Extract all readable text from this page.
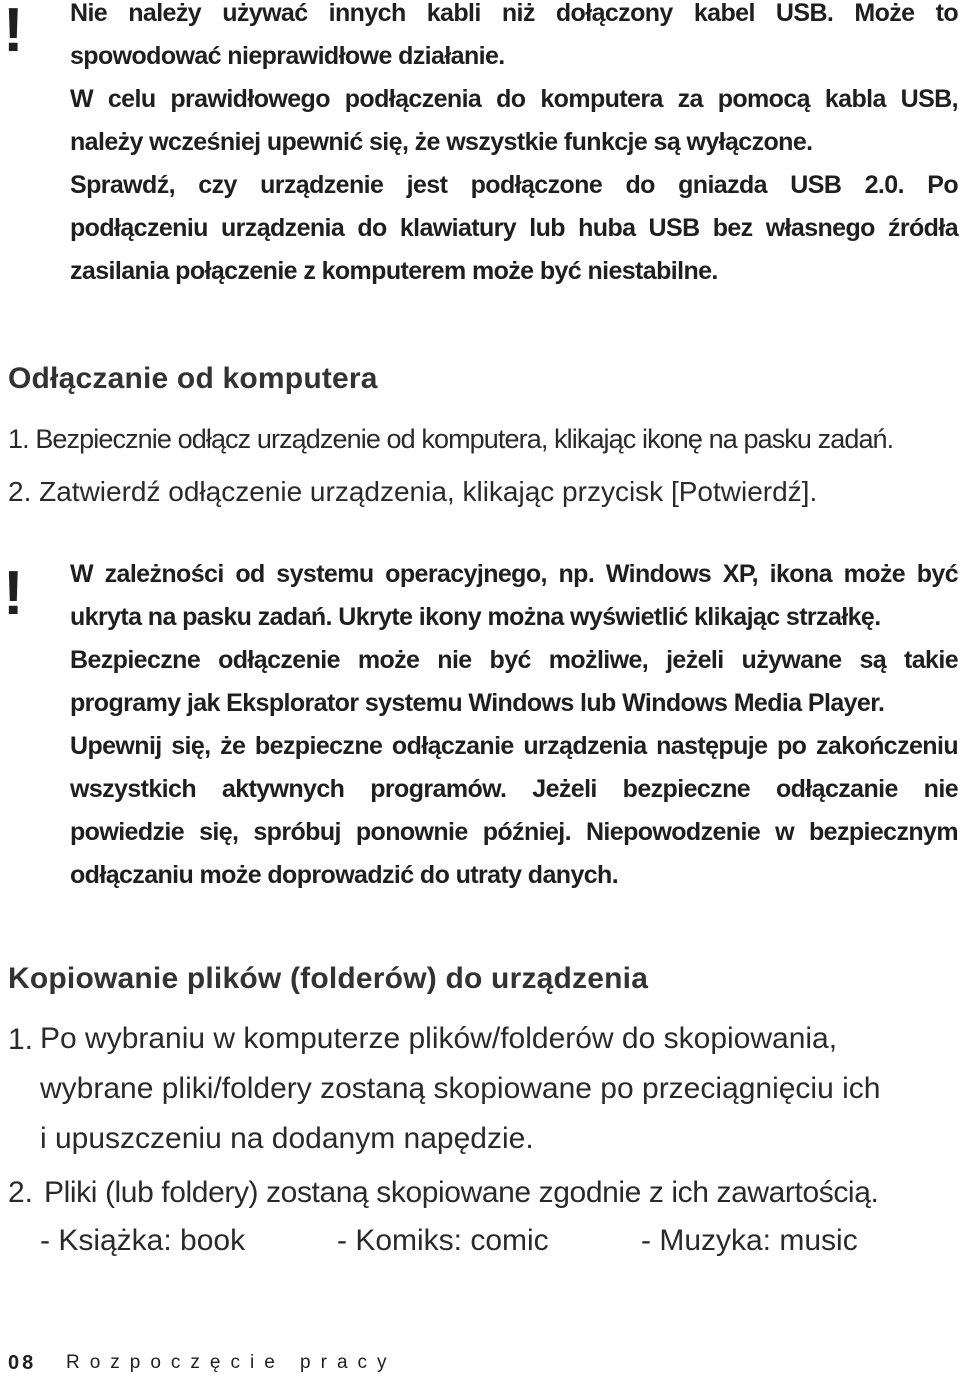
! Nie należy używać innych kabli niż dołączony kabel USB. Może to
spowodować nieprawidłowe działanie.
W celu prawidłowego podłączenia do komputera za pomocą kabla USB,
należy wcześniej upewnić się, że wszystkie funkcje są wyłączone.
Sprawdź, czy urządzenie jest podłączone do gniazda USB 2.0. Po
podłączeniu urządzenia do klawiatury lub huba USB bez własnego źródła
zasilania połączenie z komputerem może być niestabilne.
Odłączanie od komputera
1. Bezpiecznie odłącz urządzenie od komputera, klikając ikonę na pasku zadań.
2. Zatwierdź odłączenie urządzenia, klikając przycisk [Potwierdź].
! W zależności od systemu operacyjnego, np. Windows XP, ikona może być
ukryta na pasku zadań. Ukryte ikony można wyświetlić klikając strzałkę.
Bezpieczne odłączenie może nie być możliwe, jeżeli używane są takie
programy jak Eksplorator systemu Windows lub Windows Media Player.
Upewnij się, że bezpieczne odłączanie urządzenia następuje po zakończeniu
wszystkich aktywnych programów. Jeżeli bezpieczne odłączanie nie
powiedzie się, spróbuj ponownie później. Niepowodzenie w bezpiecznym
odłączaniu może doprowadzić do utraty danych.
Kopiowanie plików (folderów) do urządzenia
1. Po wybraniu w komputerze plików/folderów do skopiowania,
wybrane pliki/foldery zostaną skopiowane po przeciągnięciu ich
i upuszczeniu na dodanym napędzie.
2. Pliki (lub foldery) zostaną skopiowane zgodnie z ich zawartością.
- Książka: book	- Komiks: comic	- Muzyka: music
08 Rozpoczęcie pracy
